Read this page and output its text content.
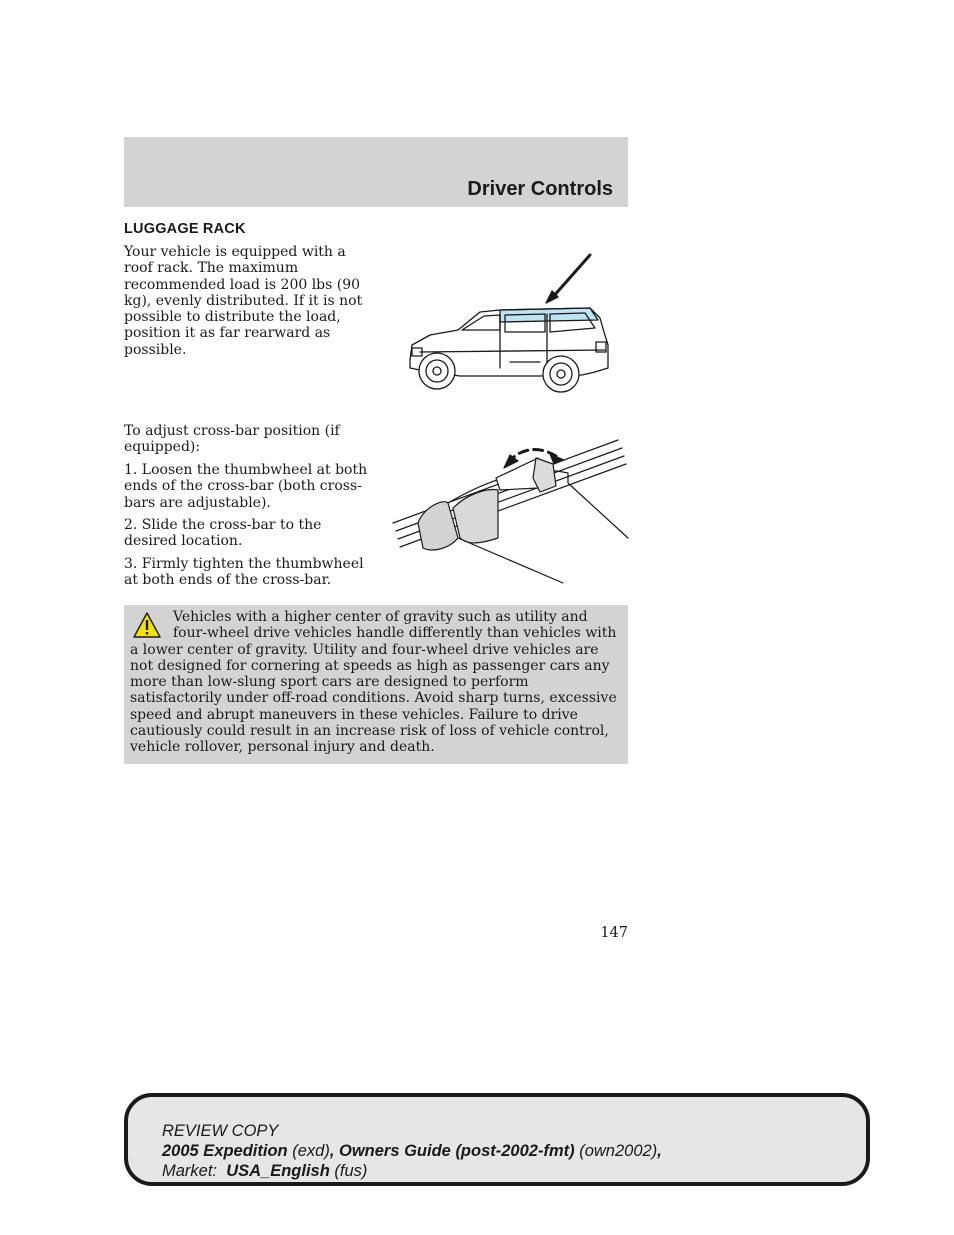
Driver Controls
LUGGAGE RACK

Your vehicle is equipped with a roof rack. The maximum recommended load is 200 lbs (90 kg), evenly distributed. If it is not possible to distribute the load, position it as far rearward as possible.

To adjust cross-bar position (if equipped):

1. Loosen the thumbwheel at both ends of the cross-bar (both cross-bars are adjustable).

2. Slide the cross-bar to the desired location.

3. Firmly tighten the thumbwheel at both ends of the cross-bar.

Vehicles with a higher center of gravity such as utility and four-wheel drive vehicles handle differently than vehicles with a lower center of gravity. Utility and four-wheel drive vehicles are not designed for cornering at speeds as high as passenger cars any more than low-slung sport cars are designed to perform satisfactorily under off-road conditions. Avoid sharp turns, excessive speed and abrupt maneuvers in these vehicles. Failure to drive cautiously could result in an increase risk of loss of vehicle control, vehicle rollover, personal injury and death.

147
REVIEW COPY
2005 Expedition (exd), Owners Guide (post-2002-fmt) (own2002),
Market: USA_English (fus)
